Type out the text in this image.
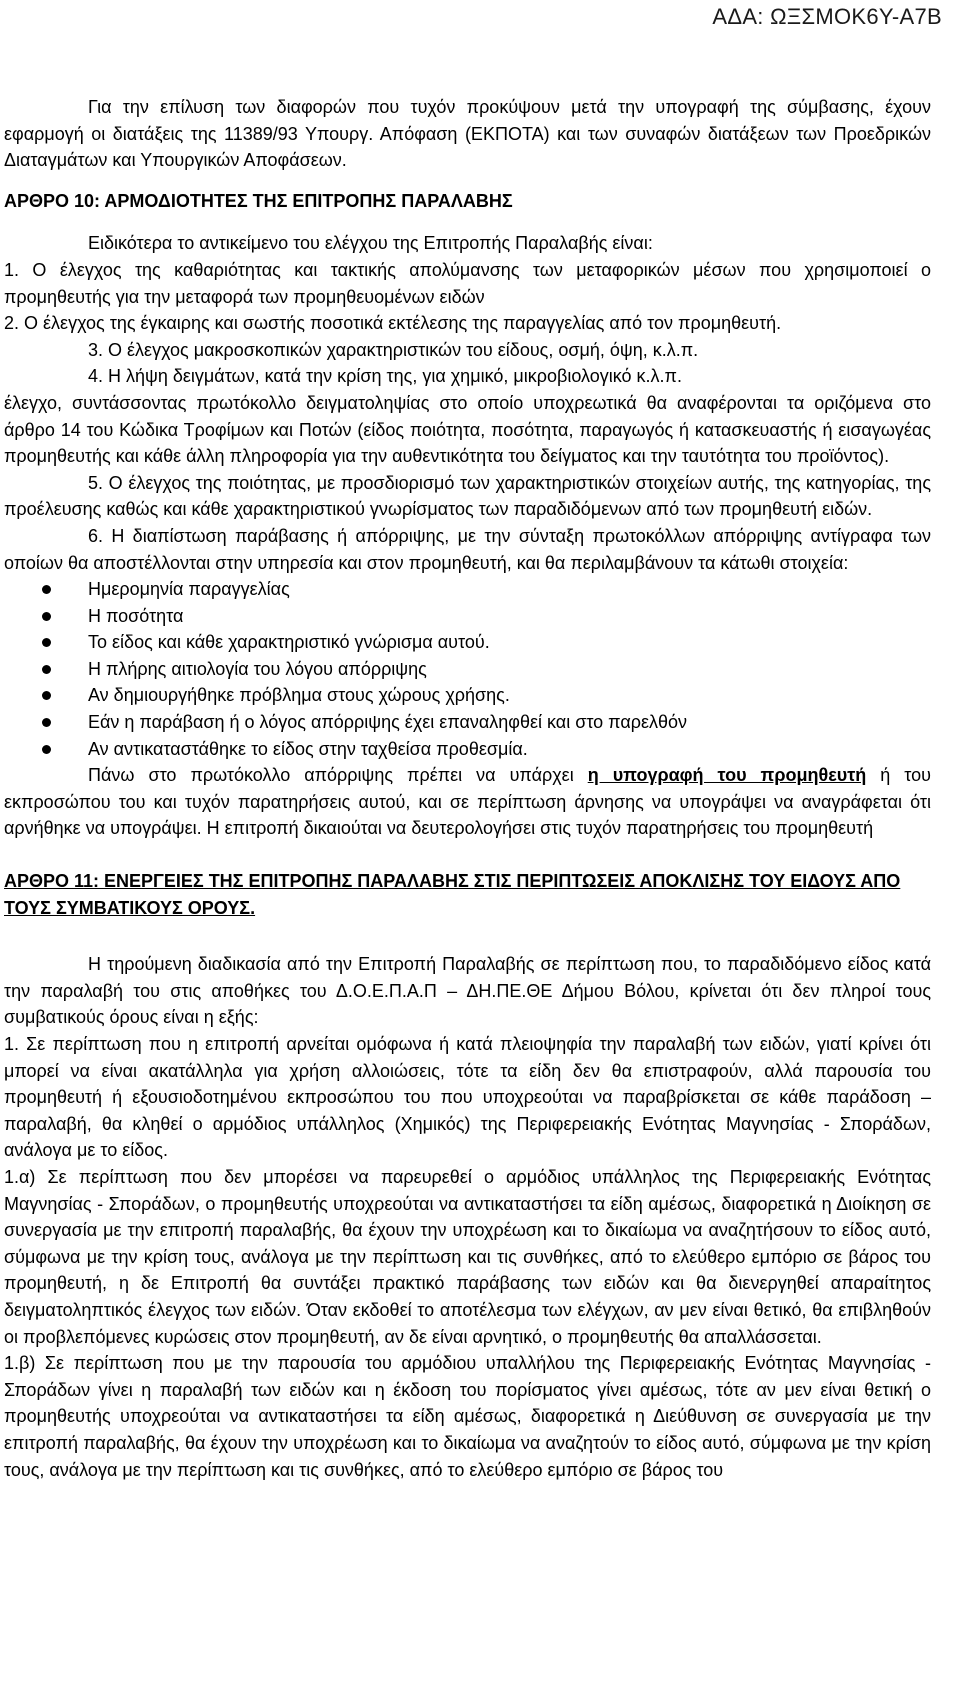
ΑΔΑ: ΩΞΣΜΟΚ6Υ-Α7Β

Για την επίλυση των διαφορών που τυχόν προκύψουν μετά την υπογραφή της σύμβασης, έχουν εφαρμογή οι διατάξεις της 11389/93 Υπουργ. Απόφαση (ΕΚΠΟΤΑ) και των συναφών διατάξεων των Προεδρικών Διαταγμάτων και Υπουργικών Αποφάσεων.

ΑΡΘΡΟ 10: ΑΡΜΟΔΙΟΤΗΤΕΣ ΤΗΣ ΕΠΙΤΡΟΠΗΣ ΠΑΡΑΛΑΒΗΣ

Ειδικότερα το αντικείμενο του ελέγχου της Επιτροπής Παραλαβής είναι:

1. Ο έλεγχος της καθαριότητας και τακτικής απολύμανσης των μεταφορικών μέσων που χρησιμοποιεί ο προμηθευτής για την μεταφορά των προμηθευομένων ειδών

2. Ο έλεγχος της έγκαιρης και σωστής ποσοτικά εκτέλεσης της παραγγελίας από τον προμηθευτή.

3. Ο έλεγχος μακροσκοπικών χαρακτηριστικών του είδους, οσμή, όψη, κ.λ.π.

4. Η λήψη δειγμάτων, κατά την κρίση της, για χημικό, μικροβιολογικό κ.λ.π.

έλεγχο, συντάσσοντας πρωτόκολλο δειγματοληψίας στο οποίο υποχρεωτικά θα αναφέρονται τα οριζόμενα στο άρθρο 14 του Κώδικα Τροφίμων και Ποτών (είδος ποιότητα, ποσότητα, παραγωγός ή κατασκευαστής ή εισαγωγέας προμηθευτής και κάθε άλλη πληροφορία για την αυθεντικότητα του δείγματος και την ταυτότητα του προϊόντος).

5. Ο έλεγχος της ποιότητας, με προσδιορισμό των χαρακτηριστικών στοιχείων αυτής, της κατηγορίας, της προέλευσης καθώς και κάθε χαρακτηριστικού γνωρίσματος των παραδιδόμενων από των προμηθευτή ειδών.

6. Η διαπίστωση παράβασης ή απόρριψης, με την σύνταξη πρωτοκόλλων απόρριψης αντίγραφα των οποίων θα αποστέλλονται στην υπηρεσία και στον προμηθευτή, και θα περιλαμβάνουν τα κάτωθι στοιχεία:

Ημερομηνία παραγγελίας
Η ποσότητα
Το είδος και κάθε χαρακτηριστικό γνώρισμα αυτού.
Η πλήρης αιτιολογία του λόγου απόρριψης
Αν δημιουργήθηκε πρόβλημα στους χώρους χρήσης.
Εάν η παράβαση ή ο λόγος απόρριψης έχει επαναληφθεί και στο παρελθόν
Αν αντικαταστάθηκε το είδος στην ταχθείσα προθεσμία.

Πάνω στο πρωτόκολλο απόρριψης πρέπει να υπάρχει η υπογραφή του προμηθευτή ή του εκπροσώπου του και τυχόν παρατηρήσεις αυτού, και σε περίπτωση άρνησης να υπογράψει να αναγράφεται ότι αρνήθηκε να υπογράψει. Η επιτροπή δικαιούται να δευτερολογήσει στις τυχόν παρατηρήσεις του προμηθευτή

ΑΡΘΡΟ 11: ΕΝΕΡΓΕΙΕΣ ΤΗΣ ΕΠΙΤΡΟΠΗΣ ΠΑΡΑΛΑΒΗΣ ΣΤΙΣ ΠΕΡΙΠΤΩΣΕΙΣ ΑΠΟΚΛΙΣΗΣ ΤΟΥ ΕΙΔΟΥΣ ΑΠΟ ΤΟΥΣ ΣΥΜΒΑΤΙΚΟΥΣ ΟΡΟΥΣ.

Η τηρούμενη διαδικασία από την Επιτροπή Παραλαβής σε περίπτωση που, το παραδιδόμενο είδος κατά την παραλαβή του στις αποθήκες του Δ.Ο.Ε.Π.Α.Π – ΔΗ.ΠΕ.ΘΕ Δήμου Βόλου, κρίνεται ότι δεν πληροί τους συμβατικούς όρους είναι η εξής:

1. Σε περίπτωση που η επιτροπή αρνείται ομόφωνα ή κατά πλειοψηφία την παραλαβή των ειδών, γιατί κρίνει ότι μπορεί να είναι ακατάλληλα για χρήση αλλοιώσεις, τότε τα είδη δεν θα επιστραφούν, αλλά παρουσία του προμηθευτή ή εξουσιοδοτημένου εκπροσώπου του που υποχρεούται να παραβρίσκεται σε κάθε παράδοση – παραλαβή, θα κληθεί ο αρμόδιος υπάλληλος (Χημικός) της Περιφερειακής Ενότητας Μαγνησίας - Σποράδων, ανάλογα με το είδος.

1.α) Σε περίπτωση που δεν μπορέσει να παρευρεθεί ο αρμόδιος υπάλληλος της Περιφερειακής Ενότητας Μαγνησίας - Σποράδων, ο προμηθευτής υποχρεούται να αντικαταστήσει τα είδη αμέσως, διαφορετικά η Διοίκηση σε συνεργασία με την επιτροπή παραλαβής, θα έχουν την υποχρέωση και το δικαίωμα να αναζητήσουν το είδος αυτό, σύμφωνα με την κρίση τους, ανάλογα με την περίπτωση και τις συνθήκες, από το ελεύθερο εμπόριο σε βάρος του προμηθευτή, η δε Επιτροπή θα συντάξει πρακτικό παράβασης των ειδών και θα διενεργηθεί απαραίτητος δειγματοληπτικός έλεγχος των ειδών. Όταν εκδοθεί το αποτέλεσμα των ελέγχων, αν μεν είναι θετικό, θα επιβληθούν οι προβλεπόμενες κυρώσεις στον προμηθευτή, αν δε είναι αρνητικό, ο προμηθευτής θα απαλλάσσεται.

1.β) Σε περίπτωση που με την παρουσία του αρμόδιου υπαλλήλου της Περιφερειακής Ενότητας Μαγνησίας - Σποράδων γίνει η παραλαβή των ειδών και η έκδοση του πορίσματος γίνει αμέσως, τότε αν μεν είναι θετική ο προμηθευτής υποχρεούται να αντικαταστήσει τα είδη αμέσως, διαφορετικά η Διεύθυνση σε συνεργασία με την επιτροπή παραλαβής, θα έχουν την υποχρέωση και το δικαίωμα να αναζητούν το είδος αυτό, σύμφωνα με την κρίση τους, ανάλογα με την περίπτωση και τις συνθήκες, από το ελεύθερο εμπόριο σε βάρος του
